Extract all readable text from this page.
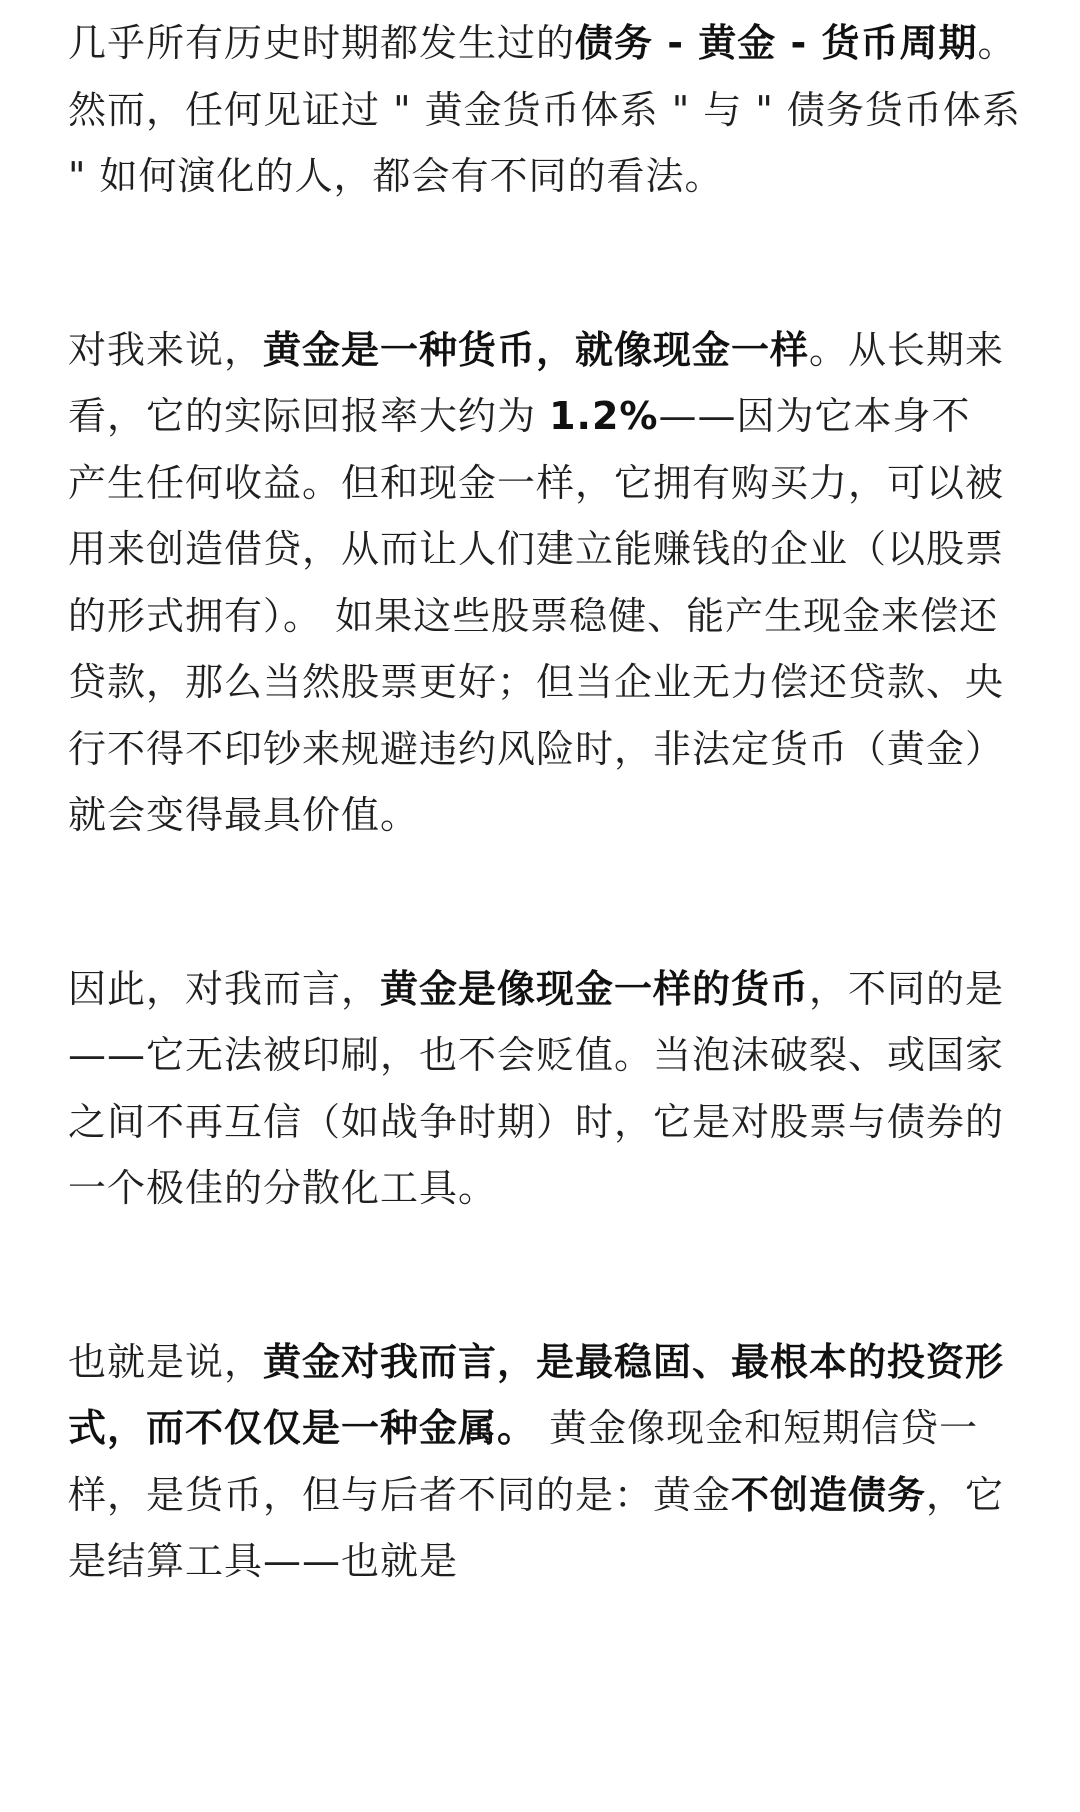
几乎所有历史时期都发生过的债务 - 黄金 - 货币周期。然而，任何见证过 " 黄金货币体系 " 与 " 债务货币体系 " 如何演化的人，都会有不同的看法。

对我来说，黄金是一种货币，就像现金一样。从长期来看，它的实际回报率大约为 1.2%——因为它本身不产生任何收益。但和现金一样，它拥有购买力，可以被用来创造借贷，从而让人们建立能赚钱的企业（以股票的形式拥有）。 如果这些股票稳健、能产生现金来偿还贷款，那么当然股票更好；但当企业无力偿还贷款、央行不得不印钞来规避违约风险时，非法定货币（黄金）就会变得最具价值。

因此，对我而言，黄金是像现金一样的货币，不同的是——它无法被印刷，也不会贬值。当泡沫破裂、或国家之间不再互信（如战争时期）时，它是对股票与债券的一个极佳的分散化工具。

也就是说，黄金对我而言，是最稳固、最根本的投资形式，而不仅仅是一种金属。 黄金像现金和短期信贷一样，是货币，但与后者不同的是：黄金不创造债务，它是结算工具——也就是
